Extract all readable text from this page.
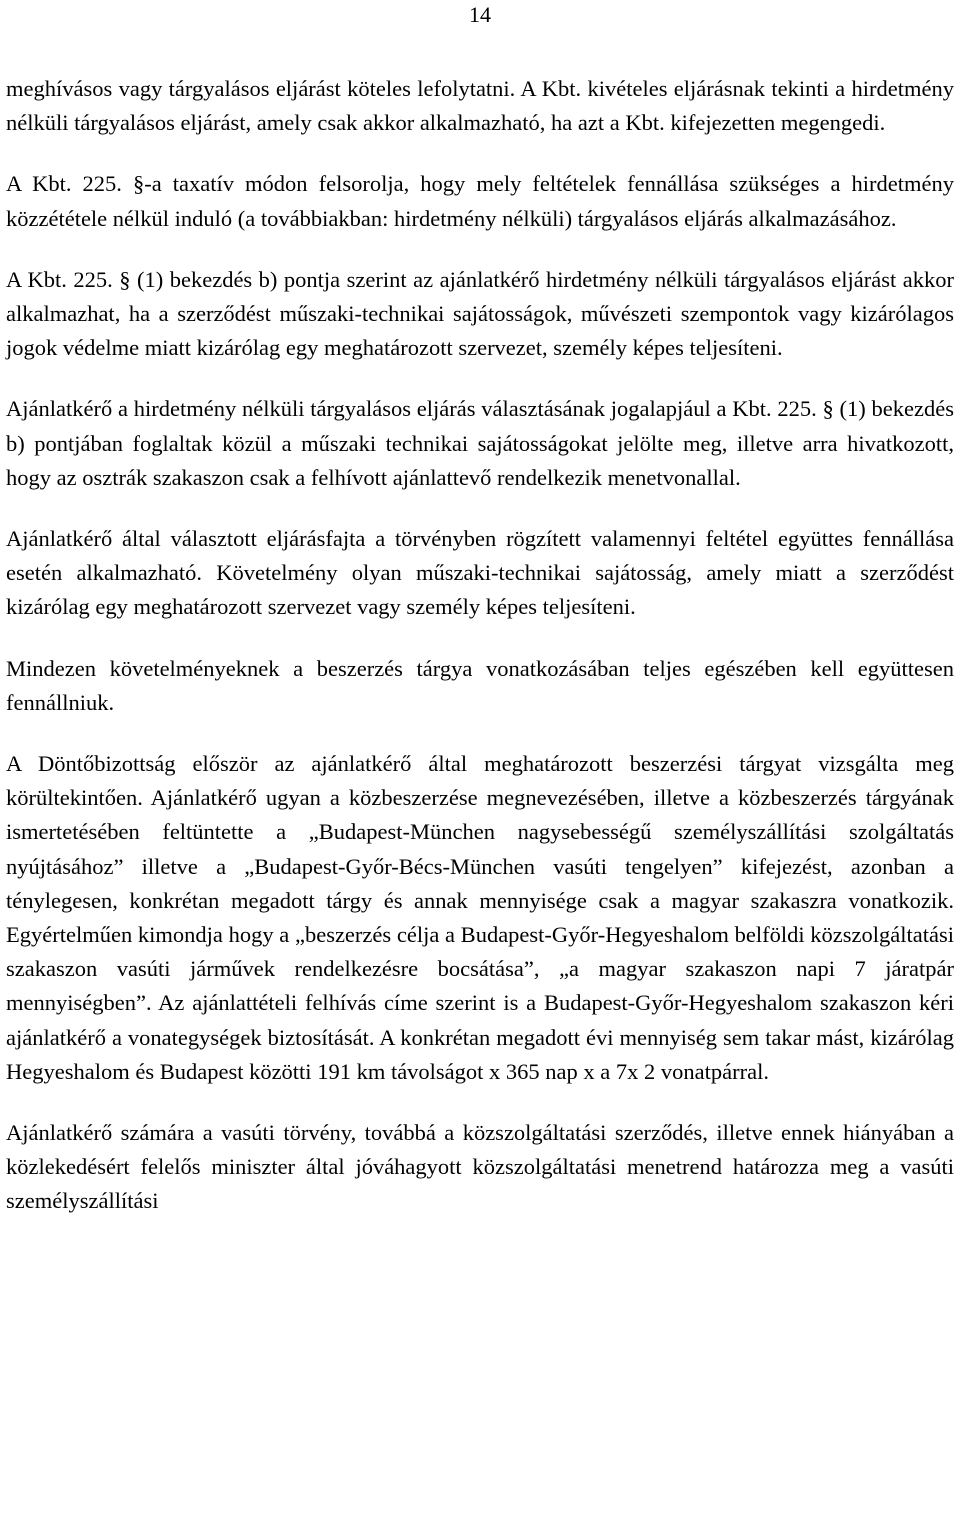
14

meghívásos vagy tárgyalásos eljárást köteles lefolytatni. A Kbt. kivételes eljárásnak tekinti a hirdetmény nélküli tárgyalásos eljárást, amely csak akkor alkalmazható, ha azt a Kbt. kifejezetten megengedi.

A Kbt. 225. §-a taxatív módon felsorolja, hogy mely feltételek fennállása szükséges a hirdetmény közzététele nélkül induló (a továbbiakban: hirdetmény nélküli) tárgyalásos eljárás alkalmazásához.

A Kbt. 225. § (1) bekezdés b) pontja szerint az ajánlatkérő hirdetmény nélküli tárgyalásos eljárást akkor alkalmazhat, ha a szerződést műszaki-technikai sajátosságok, művészeti szempontok vagy kizárólagos jogok védelme miatt kizárólag egy meghatározott szervezet, személy képes teljesíteni.

Ajánlatkérő a hirdetmény nélküli tárgyalásos eljárás választásának jogalapjául a Kbt. 225. § (1) bekezdés b) pontjában foglaltak közül a műszaki technikai sajátosságokat jelölte meg, illetve arra hivatkozott, hogy az osztrák szakaszon csak a felhívott ajánlattevő rendelkezik menetvonallal.

Ajánlatkérő által választott eljárásfajta a törvényben rögzített valamennyi feltétel együttes fennállása esetén alkalmazható. Követelmény olyan műszaki-technikai sajátosság, amely miatt a szerződést kizárólag egy meghatározott szervezet vagy személy képes teljesíteni.

Mindezen követelményeknek a beszerzés tárgya vonatkozásában teljes egészében kell együttesen fennállniuk.

A Döntőbizottság először az ajánlatkérő által meghatározott beszerzési tárgyat vizsgálta meg körültekintően. Ajánlatkérő ugyan a közbeszerzése megnevezésében, illetve a közbeszerzés tárgyának ismertetésében feltüntette a „Budapest-München nagysebességű személyszállítási szolgáltatás nyújtásához” illetve a „Budapest-Győr-Bécs-München vasúti tengelyen” kifejezést, azonban a ténylegesen, konkrétan megadott tárgy és annak mennyisége csak a magyar szakaszra vonatkozik. Egyértelműen kimondja hogy a „beszerzés célja a Budapest-Győr-Hegyeshalom belföldi közszolgáltatási szakaszon vasúti járművek rendelkezésre bocsátása”, „a magyar szakaszon napi 7 járatpár mennyiségben”. Az ajánlattételi felhívás címe szerint is a Budapest-Győr-Hegyeshalom szakaszon kéri ajánlatkérő a vonategységek biztosítását. A konkrétan megadott évi mennyiség sem takar mást, kizárólag Hegyeshalom és Budapest közötti 191 km távolságot x 365 nap x a 7x 2 vonatpárral.

Ajánlatkérő számára a vasúti törvény, továbbá a közszolgáltatási szerződés, illetve ennek hiányában a közlekedésért felelős miniszter által jóváhagyott közszolgáltatási menetrend határozza meg a vasúti személyszállítási
